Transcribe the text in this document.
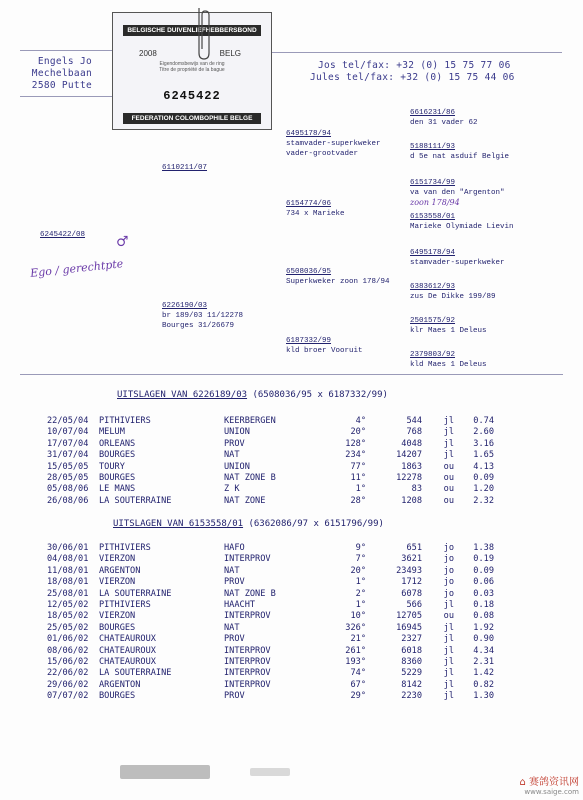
Engels Jo
Mechelbaan
2580 Putte
Jos tel/fax: +32 (0) 15 75 77 06
Jules tel/fax: +32 (0) 15 75 44 06
BELGISCHE DUIVENLIEFHEBBERSBOND
2008	BELG
Eigendomsbewijs van de ring
Titre de propriété de la bague
6245422
FEDERATION COLOMBOPHILE BELGE
6245422/08 ♂
Ego / gerechtpte
6110211/07
6226190/03
br 189/03 11/12278
Bourges 31/26679
6495178/94
stamvader-superkweker
vader-grootvader
6154774/06
734 x Marieke
6508036/95
Superkweker zoon 178/94
6187332/99
kld broer Vooruit
6616231/86
den 31 vader 62
5188111/93
d 5e nat asduif Belgie
6151734/99
va van den "Argenton"
zoon 178/94
6153558/01
Marieke Olymiade Lievin
6495178/94
stamvader-superkweker
6383612/93
zus De Dikke 199/89
2501575/92
klr Maes 1 Deleus
2379803/92
kld Maes 1 Deleus
UITSLAGEN VAN 6226189/03 (6508036/95 x 6187332/99)
22/05/04	PITHIVIERS	KEERBERGEN	4°	544	jl	0.74
10/07/04	MELUM	UNION	20°	768	jl	2.60
17/07/04	ORLEANS	PROV	128°	4048	jl	3.16
31/07/04	BOURGES	NAT	234°	14207	jl	1.65
15/05/05	TOURY	UNION	77°	1863	ou	4.13
28/05/05	BOURGES	NAT ZONE B	11°	12278	ou	0.09
05/08/06	LE MANS	Z K	1°	83	ou	1.20
26/08/06	LA SOUTERRAINE	NAT ZONE	28°	1208	ou	2.32
UITSLAGEN VAN 6153558/01 (6362086/97 x 6151796/99)
30/06/01	PITHIVIERS	HAFO	9°	651	jo	1.38
04/08/01	VIERZON	INTERPROV	7°	3621	jo	0.19
11/08/01	ARGENTON	NAT	20°	23493	jo	0.09
18/08/01	VIERZON	PROV	1°	1712	jo	0.06
25/08/01	LA SOUTERRAINE	NAT ZONE B	2°	6078	jo	0.03
12/05/02	PITHIVIERS	HAACHT	1°	566	jl	0.18
18/05/02	VIERZON	INTERPROV	10°	12705	ou	0.08
25/05/02	BOURGES	NAT	326°	16945	jl	1.92
01/06/02	CHATEAUROUX	PROV	21°	2327	jl	0.90
08/06/02	CHATEAUROUX	INTERPROV	261°	6018	jl	4.34
15/06/02	CHATEAUROUX	INTERPROV	193°	8360	jl	2.31
22/06/02	LA SOUTERRAINE	INTERPROV	74°	5229	jl	1.42
29/06/02	ARGENTON	INTERPROV	67°	8142	jl	0.82
07/07/02	BOURGES	PROV	29°	2230	jl	1.30
⌂ 赛鸽资讯网
www.saige.com
